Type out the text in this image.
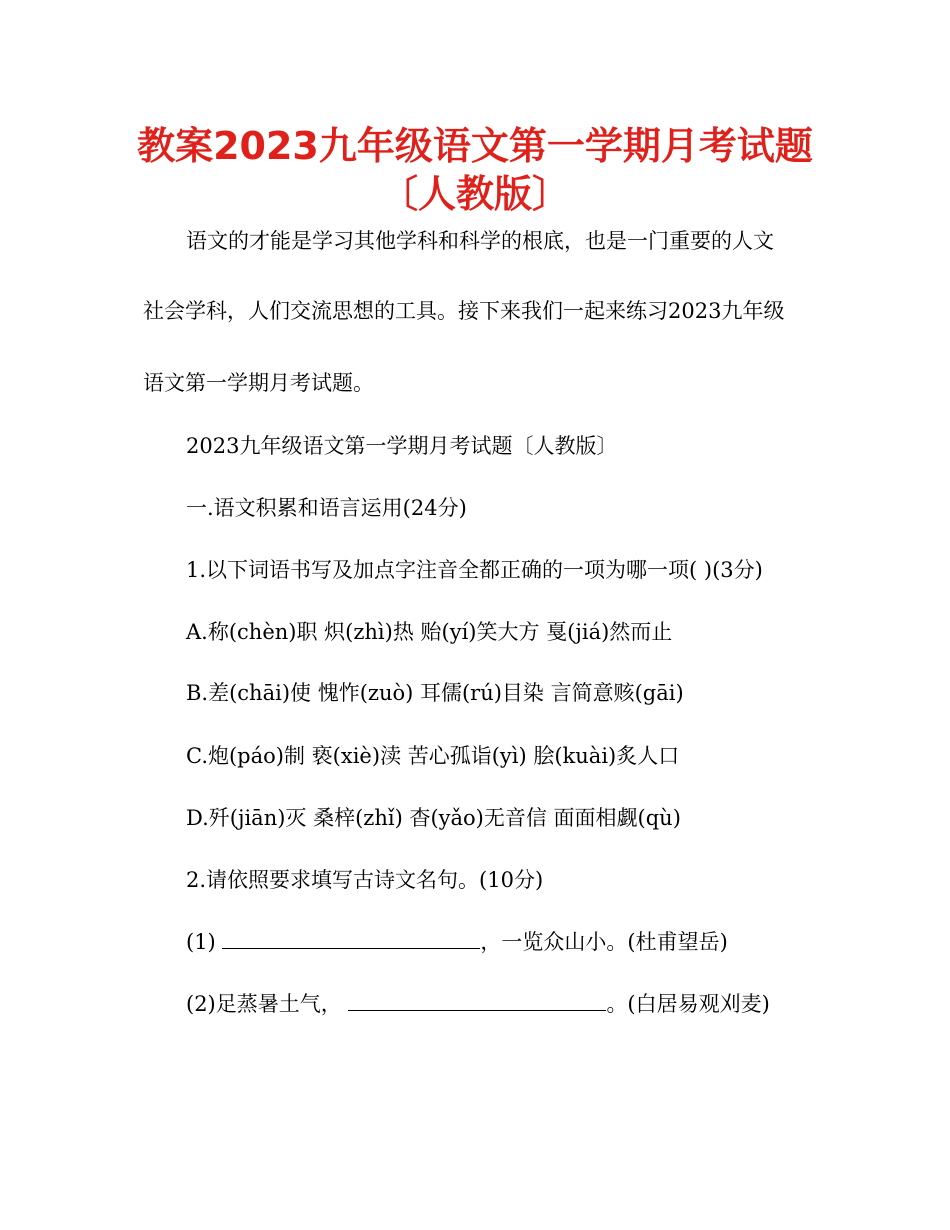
教案2023九年级语文第一学期月考试题
〔人教版〕
语文的才能是学习其他学科和科学的根底，也是一门重要的人文
社会学科，人们交流思想的工具。接下来我们一起来练习2023九年级
语文第一学期月考试题。
2023九年级语文第一学期月考试题〔人教版〕
一.语文积累和语言运用(24分)
1.以下词语书写及加点字注音全都正确的一项为哪一项( )(3分)
A.称(chèn)职 炽(zhì)热 贻(yí)笑大方 戛(jiá)然而止
B.差(chāi)使 愧怍(zuò) 耳儒(rú)目染 言简意赅(gāi)
C.炮(páo)制 亵(xiè)渎 苦心孤诣(yì) 脍(kuài)炙人口
D.歼(jiān)灭 桑梓(zhǐ) 杳(yǎo)无音信 面面相觑(qù)
2.请依照要求填写古诗文名句。(10分)
(1)	，一览众山小。(杜甫望岳)
(2)足蒸暑土气，	。(白居易观刈麦)
